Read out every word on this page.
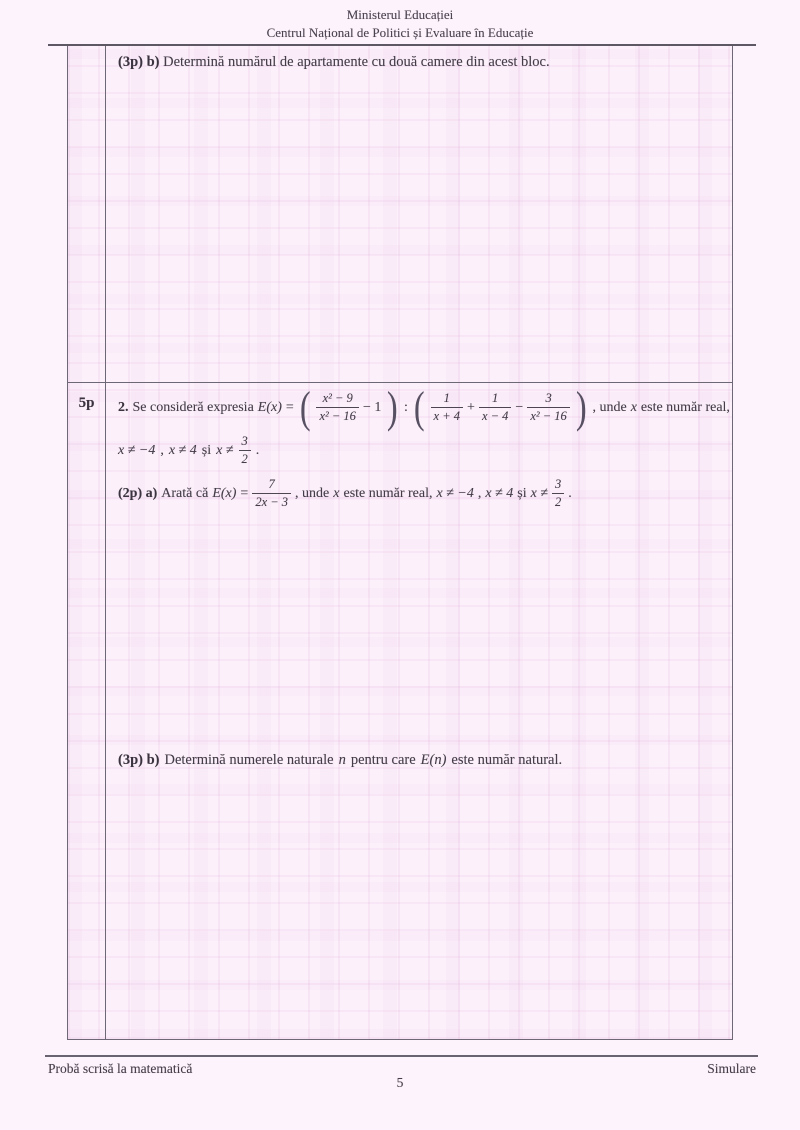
Ministerul Educației
Centrul Național de Politici și Evaluare în Educație
(3p) b) Determină numărul de apartamente cu două camere din acest bloc.
5p	2. Se consideră expresia E(x) = ( $\frac{\text{x² − 9}}{\text{x² − 16}} - 1$ ) : ( $\frac{1}{x + 4} + \frac{1}{x - 4} - \frac{3}{\text{x² − 16}}$ ) , unde x este număr real,
x ≠ −4 , x ≠ 4 și $x \ne \frac{3}{2}$ .
(2p) a) Arată că $E(x) = \frac{7}{2x - 3}$ , unde x este număr real, x ≠ −4 , x ≠ 4 și $x \ne \frac{3}{2}$ .
(3p) b) Determină numerele naturale n pentru care E(n) este număr natural.
Probă scrisă la matematică	Simulare
5
